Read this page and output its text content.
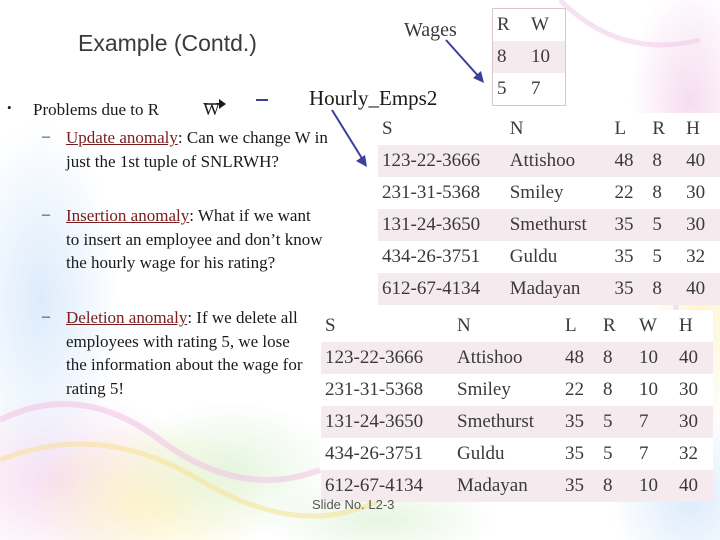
Example (Contd.)	Wages
Hourly_Emps2
• Problems due to R W
– Update anomaly: Can we change W in just the 1st tuple of SNLRWH?
– Insertion anomaly: What if we want to insert an employee and don’t know the hourly wage for his rating?
– Deletion anomaly: If we delete all employees with rating 5, we lose the information about the wage for rating 5!
R	W
8	10
5	7
S	N	L	R	H
123-22-3666	Attishoo	48	8	40
231-31-5368	Smiley	22	8	30
131-24-3650	Smethurst	35	5	30
434-26-3751	Guldu	35	5	32
612-67-4134	Madayan	35	8	40
S	N	L	R	W	H
123-22-3666	Attishoo	48	8	10	40
231-31-5368	Smiley	22	8	10	30
131-24-3650	Smethurst	35	5	7	30
434-26-3751	Guldu	35	5	7	32
612-67-4134	Madayan	35	8	10	40
Slide No. L2-3
